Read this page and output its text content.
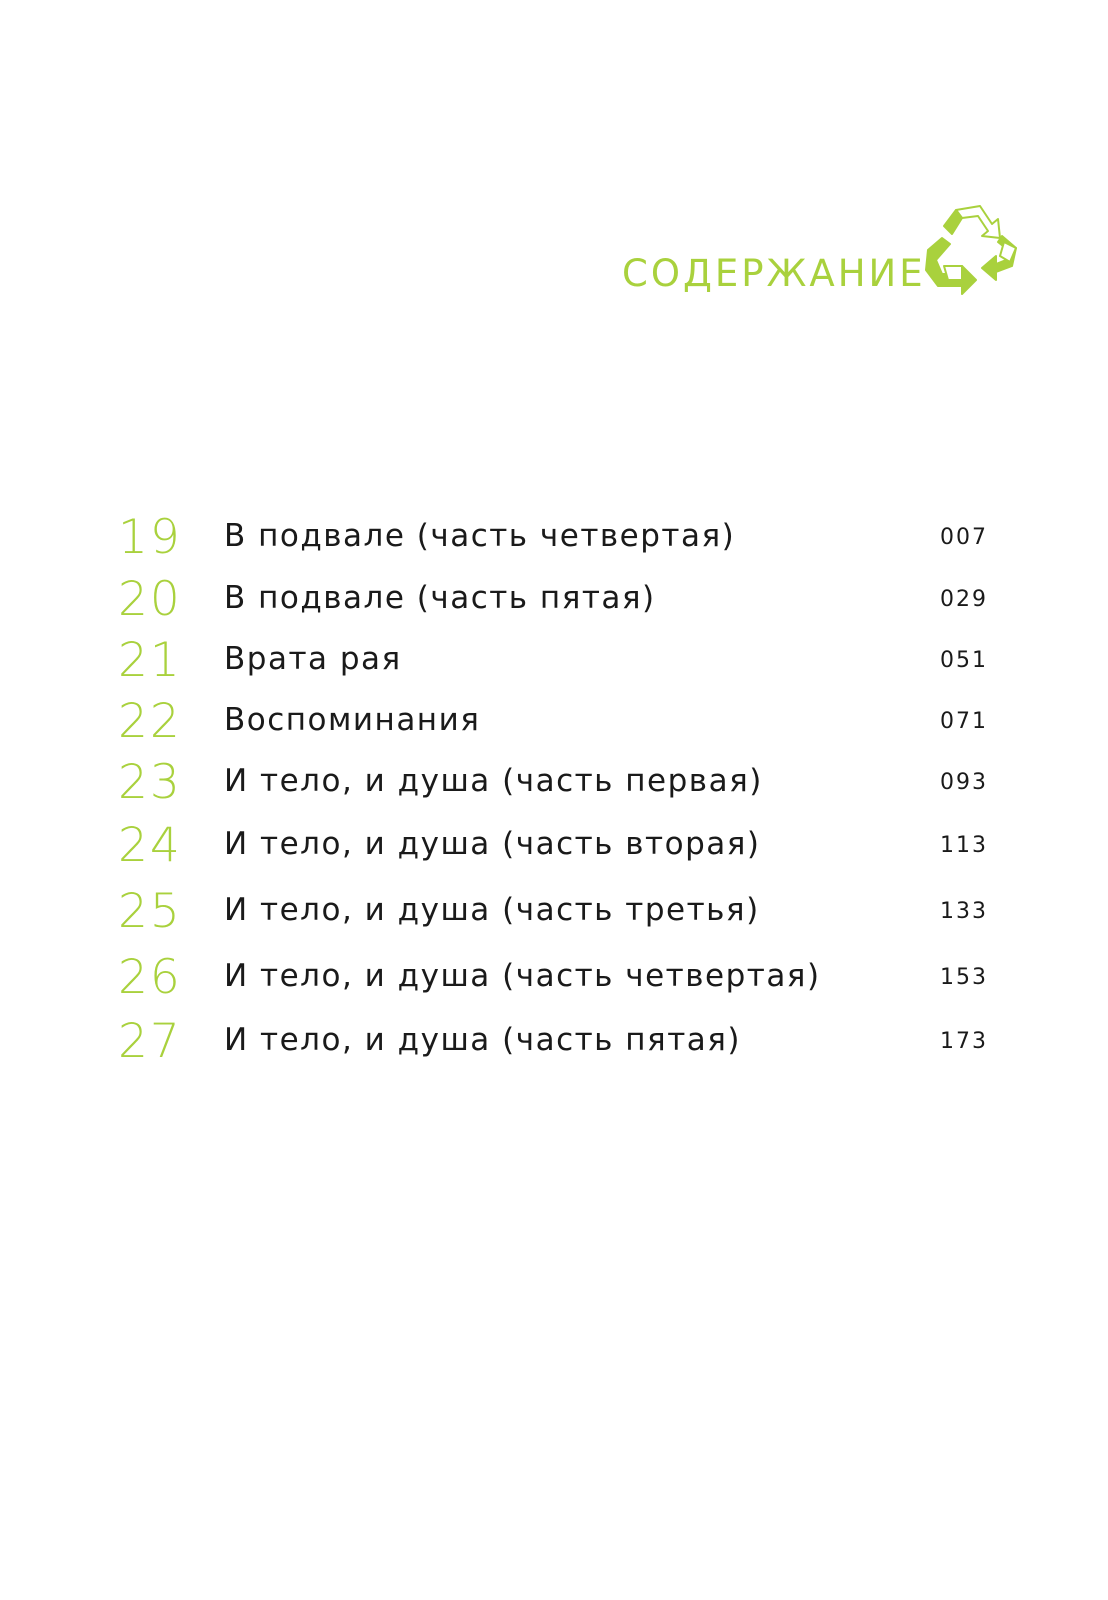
СОДЕРЖАНИЕ
19 В подвале (часть четвертая)	007
20 В подвале (часть пятая)	029
21 Врата рая	051
22 Воспоминания	071
23 И тело, и душа (часть первая)	093
24 И тело, и душа (часть вторая)	113
25 И тело, и душа (часть третья)	133
26 И тело, и душа (часть четвертая)	153
27 И тело, и душа (часть пятая)	173
